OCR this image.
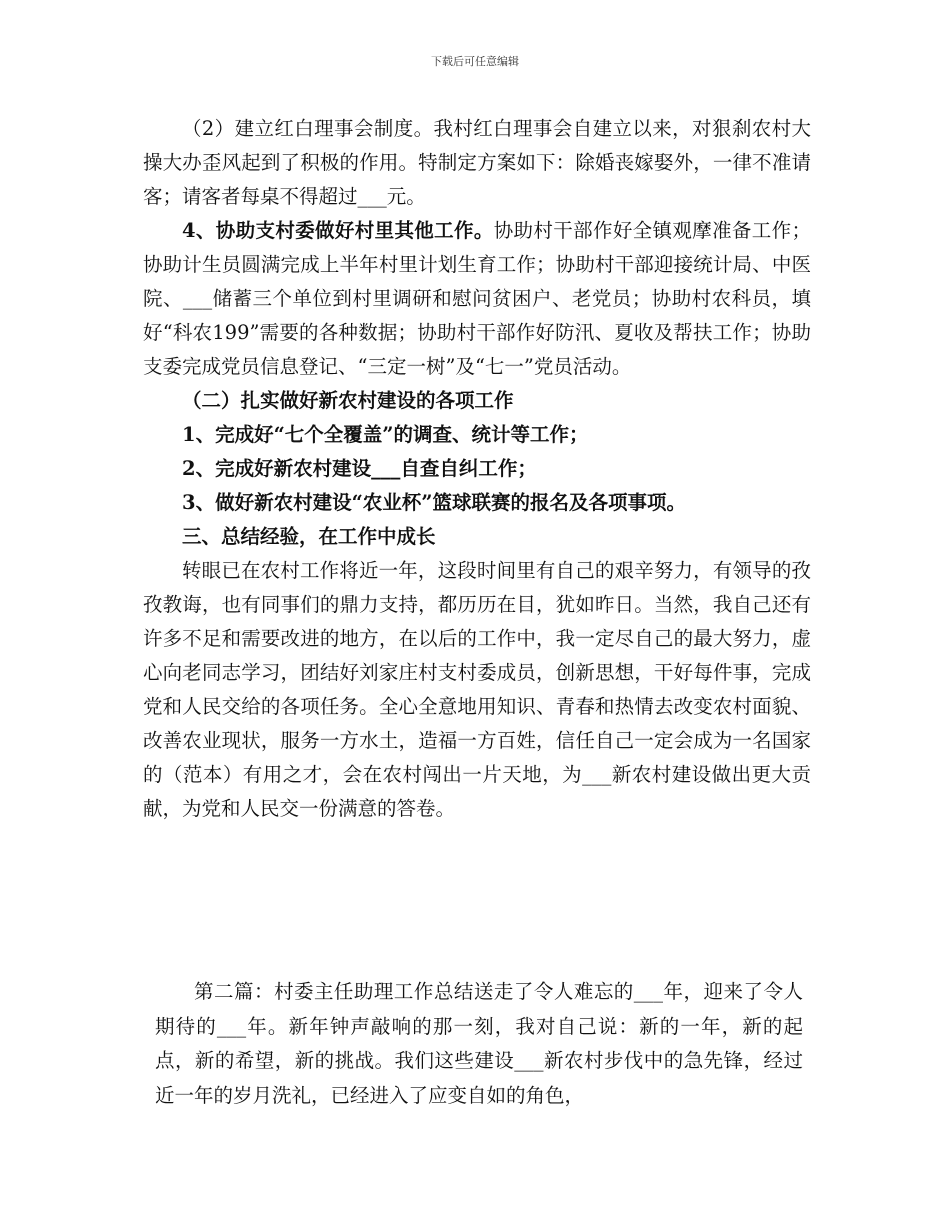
下载后可任意编辑

（2）建立红白理事会制度。我村红白理事会自建立以来，对狠刹农村大操大办歪风起到了积极的作用。特制定方案如下：除婚丧嫁娶外，一律不准请客；请客者每桌不得超过___元。

4、协助支村委做好村里其他工作。协助村干部作好全镇观摩准备工作；协助计生员圆满完成上半年村里计划生育工作；协助村干部迎接统计局、中医院、___储蓄三个单位到村里调研和慰问贫困户、老党员；协助村农科员，填好“科农199”需要的各种数据；协助村干部作好防汛、夏收及帮扶工作；协助支委完成党员信息登记、“三定一树”及“七一”党员活动。

（二）扎实做好新农村建设的各项工作

1、完成好“七个全覆盖”的调查、统计等工作；

2、完成好新农村建设___自查自纠工作；

3、做好新农村建设“农业杯”篮球联赛的报名及各项事项。

三、总结经验，在工作中成长

转眼已在农村工作将近一年，这段时间里有自己的艰辛努力，有领导的孜孜教诲，也有同事们的鼎力支持，都历历在目，犹如昨日。当然，我自己还有许多不足和需要改进的地方，在以后的工作中，我一定尽自己的最大努力，虚心向老同志学习，团结好刘家庄村支村委成员，创新思想，干好每件事，完成党和人民交给的各项任务。全心全意地用知识、青春和热情去改变农村面貌、改善农业现状，服务一方水土，造福一方百姓，信任自己一定会成为一名国家的（范本）有用之才，会在农村闯出一片天地，为___新农村建设做出更大贡献，为党和人民交一份满意的答卷。

第二篇：村委主任助理工作总结送走了令人难忘的___年，迎来了令人期待的___年。新年钟声敲响的那一刻，我对自己说：新的一年，新的起点，新的希望，新的挑战。我们这些建设___新农村步伐中的急先锋，经过近一年的岁月洗礼，已经进入了应变自如的角色，
